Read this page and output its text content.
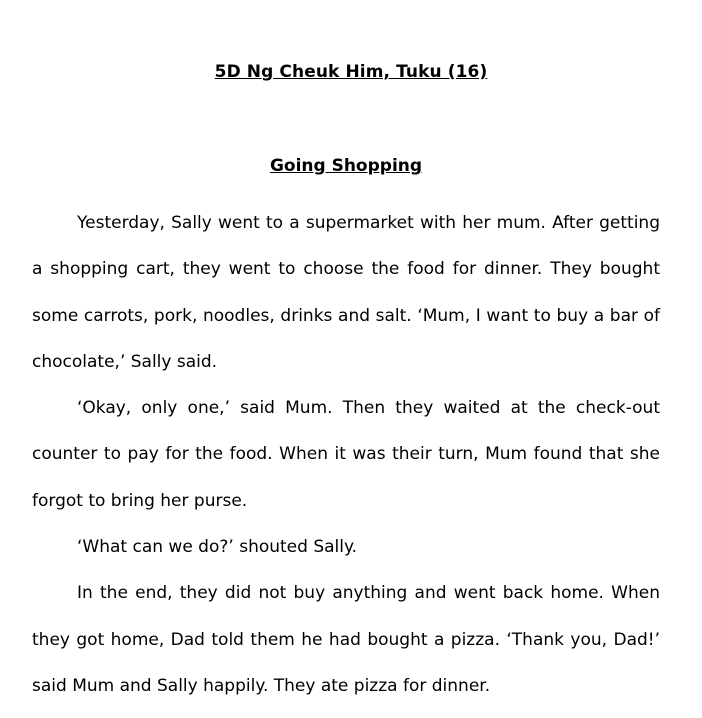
5D Ng Cheuk Him, Tuku (16)
Going Shopping

Yesterday, Sally went to a supermarket with her mum. After getting a shopping cart, they went to choose the food for dinner. They bought some carrots, pork, noodles, drinks and salt. ‘Mum, I want to buy a bar of chocolate,’ Sally said.

‘Okay, only one,’ said Mum. Then they waited at the check-out counter to pay for the food. When it was their turn, Mum found that she forgot to bring her purse.

‘What can we do?’ shouted Sally.

In the end, they did not buy anything and went back home. When they got home, Dad told them he had bought a pizza. ‘Thank you, Dad!’ said Mum and Sally happily. They ate pizza for dinner.
